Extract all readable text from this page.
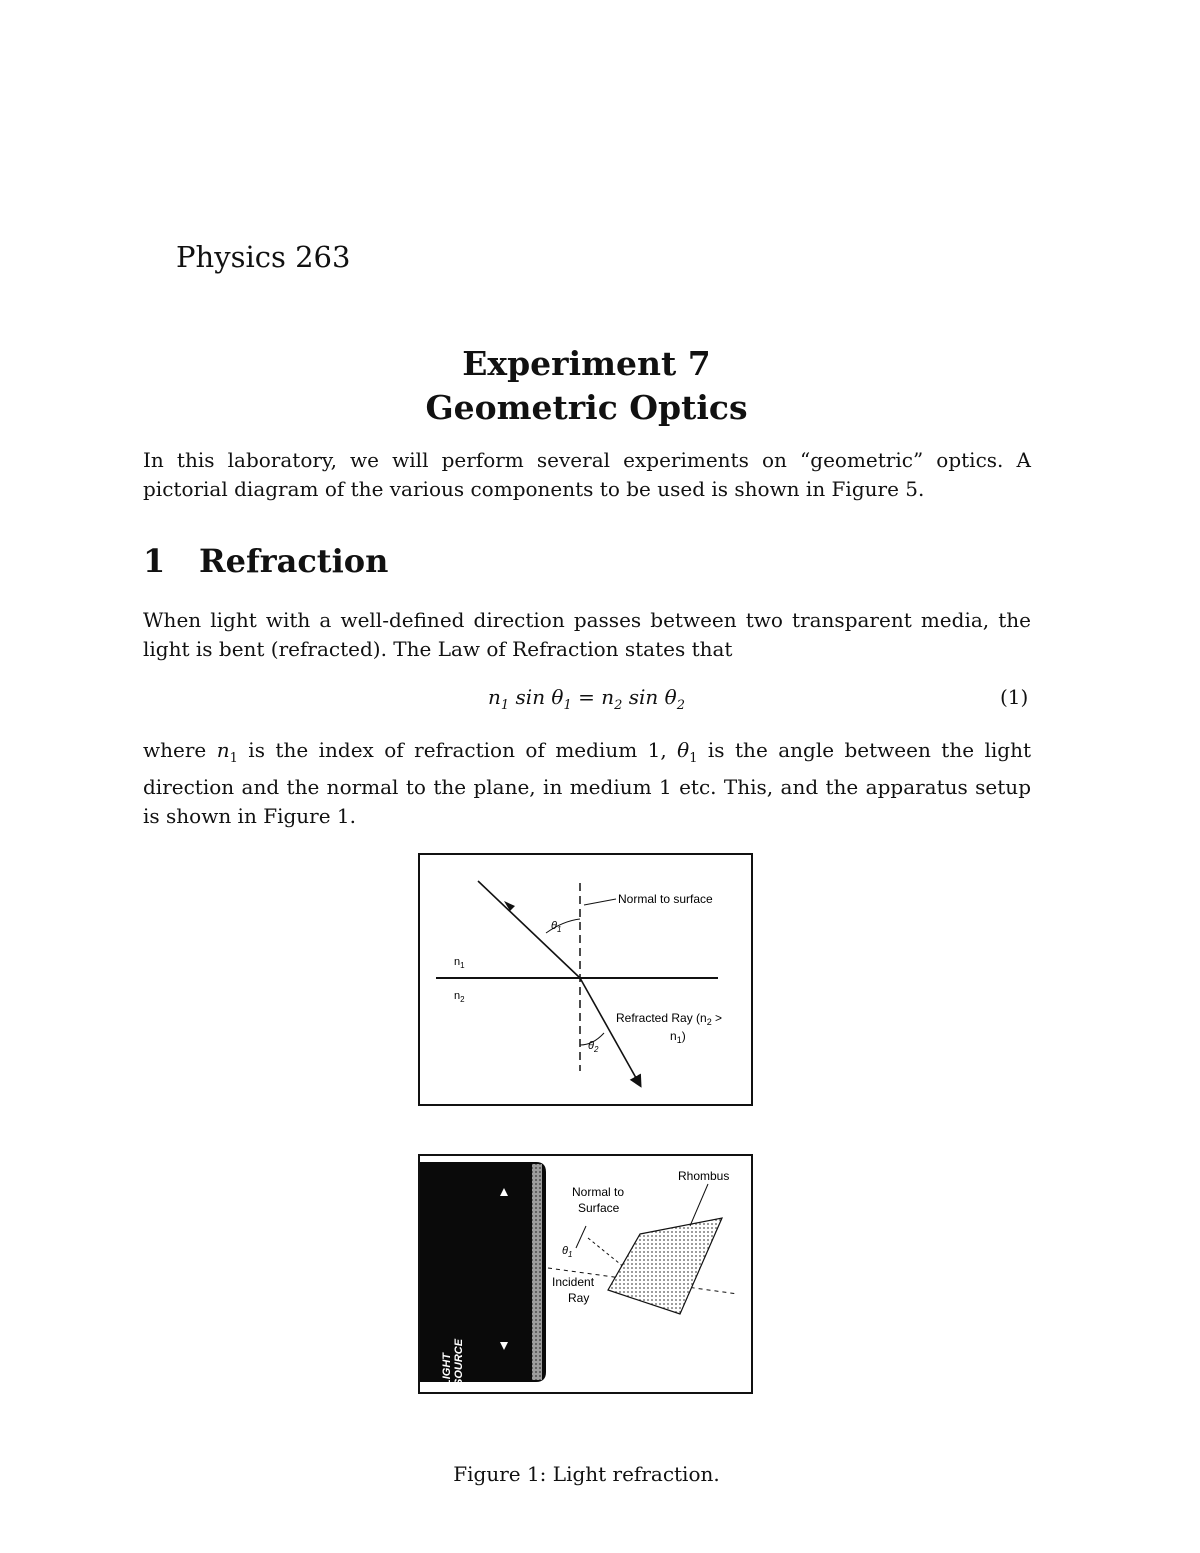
Physics 263
Experiment 7
Geometric Optics
In this laboratory, we will perform several experiments on “geometric” optics. A pictorial diagram of the various components to be used is shown in Figure 5.
1 Refraction
When light with a well-defined direction passes between two transparent media, the light is bent (refracted). The Law of Refraction states that
$n_1$ $\sin \theta_1 = n_2$ $\sin \theta_2$	(1)
where $n_1$ is the index of refraction of medium 1, $\theta_1$ is the angle between the light direction and the normal to the plane, in medium 1 etc. This, and the apparatus setup is shown in Figure 1.
Normal to surface
$\theta_1$
$\theta_2$
$n_1$
$n_2$
Refracted Ray ($n_2$ >
$n_1$)
LIGHTSOURCE
Normal to
Surface
$\theta_1$
Incident
Ray
Rhombus
Figure 1: Light refraction.
